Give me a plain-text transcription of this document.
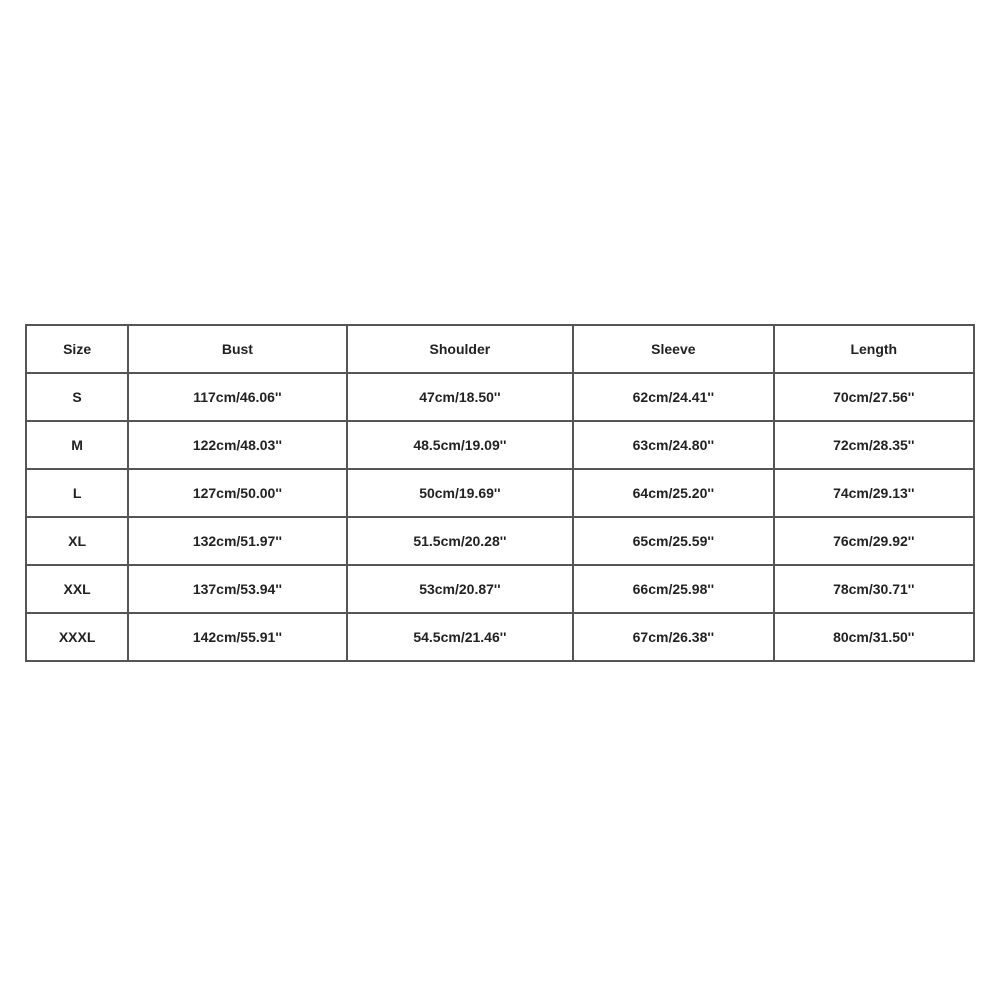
Size	Bust	Shoulder	Sleeve	Length
S	117cm/46.06''	47cm/18.50''	62cm/24.41''	70cm/27.56''
M	122cm/48.03''	48.5cm/19.09''	63cm/24.80''	72cm/28.35''
L	127cm/50.00''	50cm/19.69''	64cm/25.20''	74cm/29.13''
XL	132cm/51.97''	51.5cm/20.28''	65cm/25.59''	76cm/29.92''
XXL	137cm/53.94''	53cm/20.87''	66cm/25.98''	78cm/30.71''
XXXL	142cm/55.91''	54.5cm/21.46''	67cm/26.38''	80cm/31.50''
